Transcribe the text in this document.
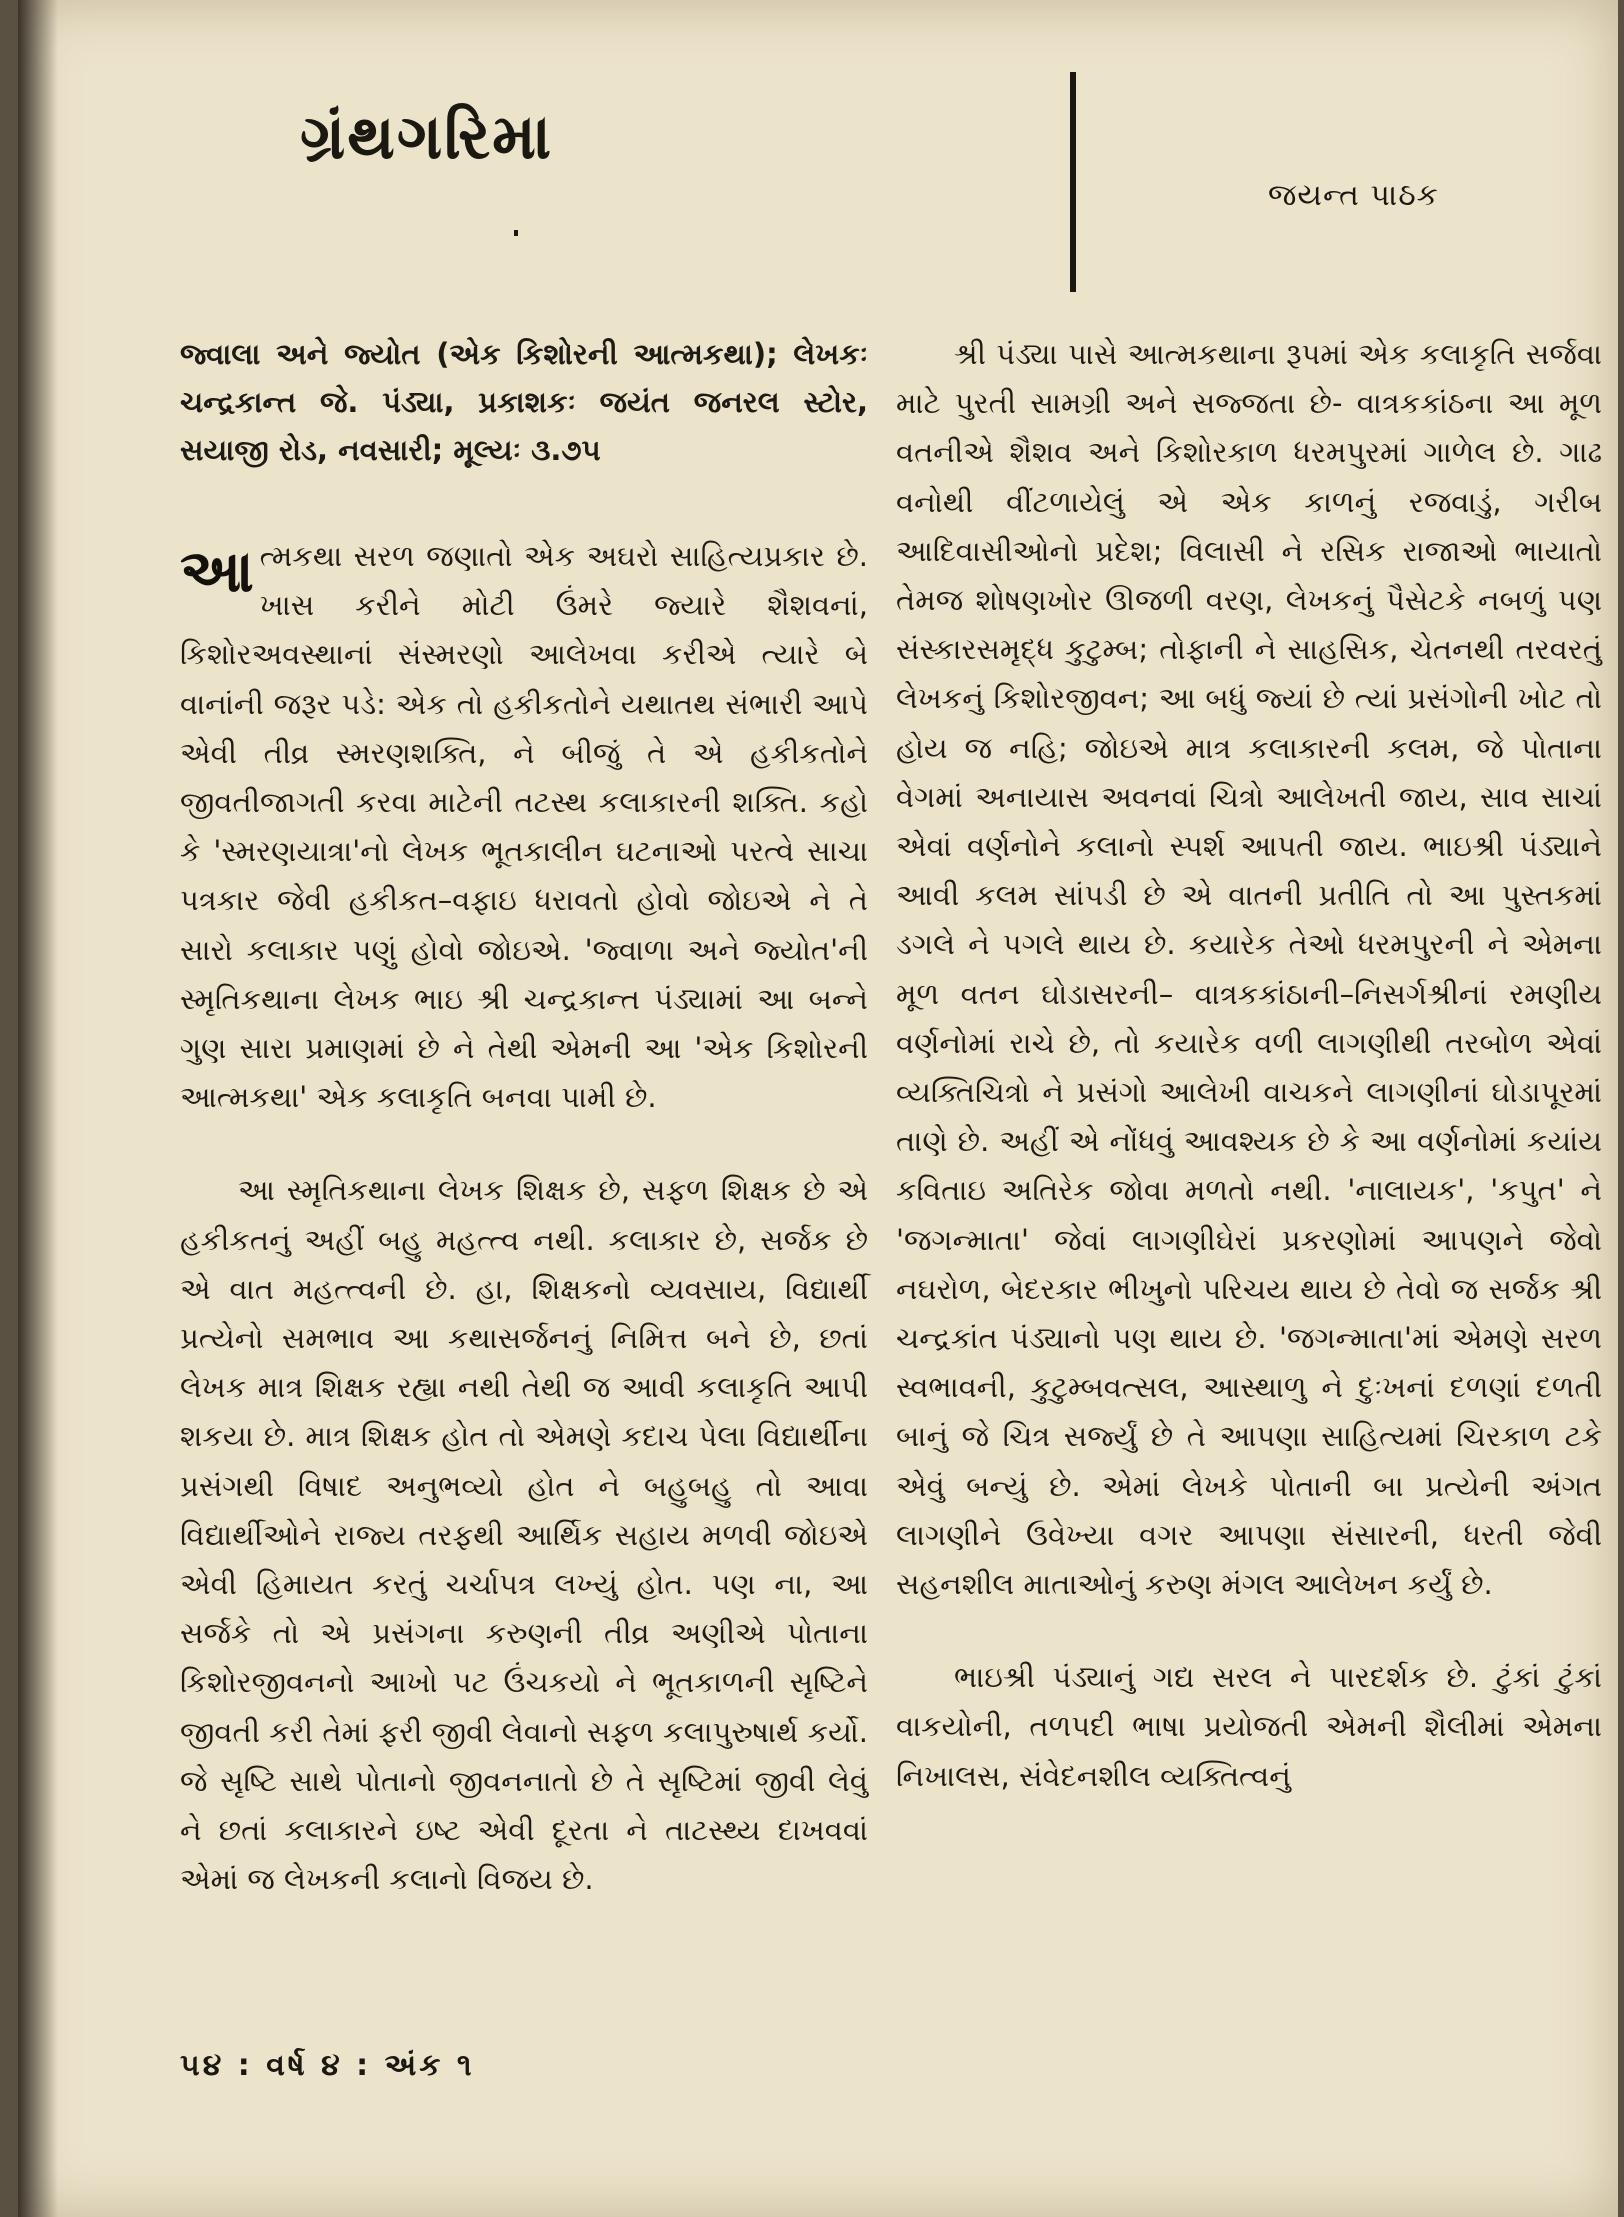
ગ્રંથગરિમા
જયન્ત પાઠક

જ્વાલા અને જ્યોત (એક કિશોરની આત્મકથા); લેખકઃ ચન્દ્રકાન્ત જે. પંડ્યા, પ્રકાશકઃ જયંત જનરલ સ્ટોર, સયાજી રોડ, નવસારી; મૂલ્યઃ ૩.૭૫

આત્મકથા સરળ જણાતો એક અઘરો સાહિત્યપ્રકાર છે. ખાસ કરીને મોટી ઉંમરે જ્યારે શૈશવનાં, કિશોરઅવસ્થાનાં સંસ્મરણો આલેખવા કરીએ ત્યારે બે વાનાંની જરૂર પડે: એક તો હકીકતોને યથાતથ સંભારી આપે એવી તીવ્ર સ્મરણશક્તિ, ને બીજું તે એ હકીકતોને જીવતીજાગતી કરવા માટેની તટસ્થ કલાકારની શક્તિ. કહો કે 'સ્મરણયાત્રા'નો લેખક ભૂતકાલીન ઘટનાઓ પરત્વે સાચા પત્રકાર જેવી હકીકત–વફાઇ ધરાવતો હોવો જોઇએ ને તે સારો કલાકાર પણું હોવો જોઇએ. 'જ્વાળા અને જ્યોત'ની સ્મૃતિકથાના લેખક ભાઇ શ્રી ચન્દ્રકાન્ત પંડ્યામાં આ બન્ને ગુણ સારા પ્રમાણમાં છે ને તેથી એમની આ 'એક કિશોરની આત્મકથા' એક કલાકૃતિ બનવા પામી છે.

આ સ્મૃતિકથાના લેખક શિક્ષક છે, સફળ શિક્ષક છે એ હકીકતનું અહીં બહુ મહત્ત્વ નથી. કલાકાર છે, સર્જક છે એ વાત મહત્ત્વની છે. હા, શિક્ષકનો વ્યવસાય, વિદ્યાર્થી પ્રત્યેનો સમભાવ આ કથાસર્જનનું નિમિત્ત બને છે, છતાં લેખક માત્ર શિક્ષક રહ્યા નથી તેથી જ આવી કલાકૃતિ આપી શકયા છે. માત્ર શિક્ષક હોત તો એમણે કદાચ પેલા વિદ્યાર્થીના પ્રસંગથી વિષાદ અનુભવ્યો હોત ને બહુબહુ તો આવા વિદ્યાર્થીઓને રાજ્ય તરફથી આર્થિક સહાય મળવી જોઇએ એવી હિમાયત કરતું ચર્ચાપત્ર લખ્યું હોત. પણ ના, આ સર્જકે તો એ પ્રસંગના કરુણની તીવ્ર અણીએ પોતાના કિશોરજીવનનો આખો પટ ઉંચકયો ને ભૂતકાળની સૃષ્ટિને જીવતી કરી તેમાં ફરી જીવી લેવાનો સફળ કલાપુરુષાર્થ કર્યો. જે સૃષ્ટિ સાથે પોતાનો જીવનનાતો છે તે સૃષ્ટિમાં જીવી લેવું ને છતાં કલાકારને ઇષ્ટ એવી દૂરતા ને તાટસ્થ્ય દાખવવાં એમાં જ લેખકની કલાનો વિજય છે.

શ્રી પંડ્યા પાસે આત્મકથાના રૂપમાં એક કલાકૃતિ સર્જવા માટે પુરતી સામગ્રી અને સજ્જતા છે- વાત્રકકાંઠના આ મૂળ વતનીએ શૈશવ અને કિશોરકાળ ધરમપુરમાં ગાળેલ છે. ગાઢ વનોથી વીંટળાયેલું એ એક કાળનું રજવાડું, ગરીબ આદિવાસીઓનો પ્રદેશ; વિલાસી ને રસિક રાજાઓ ભાયાતો તેમજ શોષણખોર ઊજળી વરણ, લેખકનું પૈસેટકે નબળું પણ સંસ્કારસમૃદ્ધ કુટુમ્બ; તોફાની ને સાહસિક, ચેતનથી તરવરતું લેખકનું કિશોરજીવન; આ બધું જ્યાં છે ત્યાં પ્રસંગોની ખોટ તો હોય જ નહિ; જોઇએ માત્ર કલાકારની કલમ, જે પોતાના વેગમાં અનાયાસ અવનવાં ચિત્રો આલેખતી જાય, સાવ સાચાં એવાં વર્ણનોને કલાનો સ્પર્શ આપતી જાય. ભાઇશ્રી પંડ્યાને આવી કલમ સાંપડી છે એ વાતની પ્રતીતિ તો આ પુસ્તકમાં ડગલે ને પગલે થાય છે. કયારેક તેઓ ધરમપુરની ને એમના મૂળ વતન ઘોડાસરની– વાત્રકકાંઠાની–નિસર્ગશ્રીનાં રમણીય વર્ણનોમાં રાચે છે, તો કયારેક વળી લાગણીથી તરબોળ એવાં વ્યક્તિચિત્રો ને પ્રસંગો આલેખી વાચકને લાગણીનાં ઘોડાપૂરમાં તાણે છે. અહીં એ નોંધવું આવશ્યક છે કે આ વર્ણનોમાં કયાંય કવિતાઇ અતિરેક જોવા મળતો નથી. 'નાલાયક', 'કપુત' ને 'જગન્માતા' જેવાં લાગણીઘેરાં પ્રકરણોમાં આપણને જેવો નઘરોળ, બેદરકાર ભીખુનો પરિચય થાય છે તેવો જ સર્જક શ્રી ચન્દ્રકાંત પંડ્યાનો પણ થાય છે. 'જગન્માતા'માં એમણે સરળ સ્વભાવની, કુટુમ્બવત્સલ, આસ્થાળુ ને દુઃખનાં દળણાં દળતી બાનું જે ચિત્ર સર્જ્યું છે તે આપણા સાહિત્યમાં ચિરકાળ ટકે એવું બન્યું છે. એમાં લેખકે પોતાની બા પ્રત્યેની અંગત લાગણીને ઉવેખ્યા વગર આપણા સંસારની, ધરતી જેવી સહનશીલ માતાઓનું કરુણ મંગલ આલેખન કર્યું છે.

ભાઇશ્રી પંડ્યાનું ગદ્ય સરલ ને પારદર્શક છે. ટુંકાં ટુંકાં વાકયોની, તળપદી ભાષા પ્રયોજતી એમની શૈલીમાં એમના નિખાલસ, સંવેદનશીલ વ્યક્તિત્વનું

૫૪ : વર્ષ ૪ : અંક ૧
